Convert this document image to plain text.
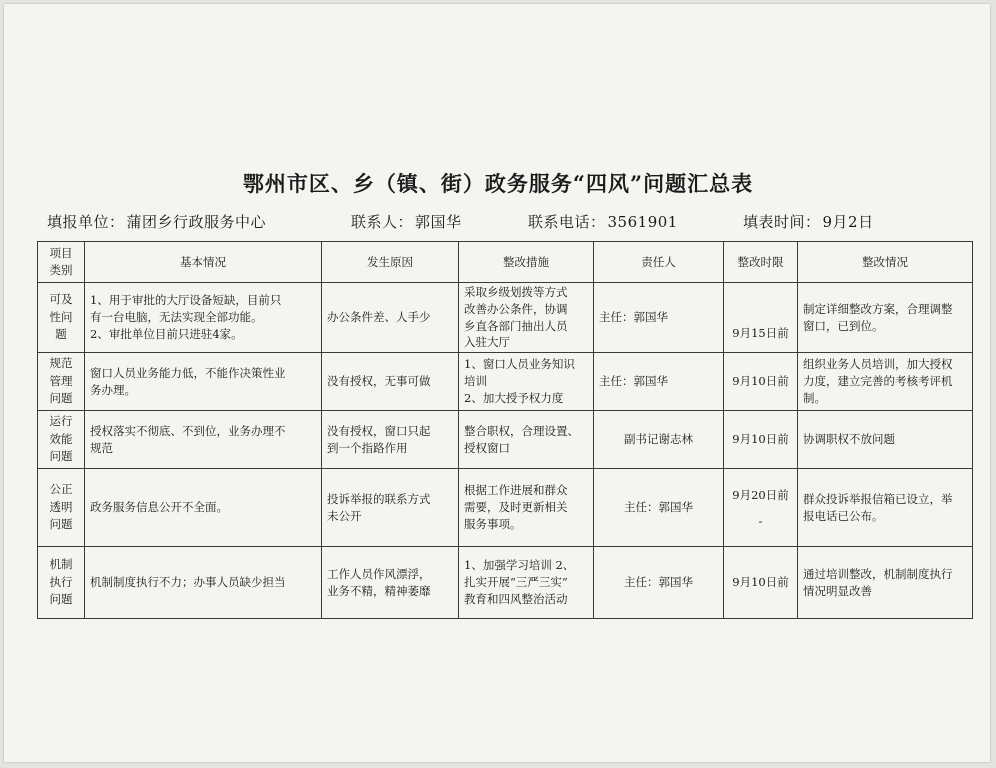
鄂州市区、乡（镇、街）政务服务“四风”问题汇总表
填报单位： 蒲团乡行政服务中心	联系人： 郭国华	联系电话： 3561901	填表时间： 9月2日
项目
类别	基本情况	发生原因	整改措施	责任人	整改时限	整改情况

可及
性问
题	1、用于审批的大厅设备短缺，目前只
有一台电脑，无法实现全部功能。
2、审批单位目前只进驻4家。	办公条件差、人手少	采取乡级划拨等方式
改善办公条件，协调
乡直各部门抽出人员
入驻大厅	主任：郭国华	9月15日前	制定详细整改方案，合理调整
窗口，已到位。

规范
管理
问题	窗口人员业务能力低，不能作决策性业
务办理。	没有授权，无事可做	1、窗口人员业务知识
培训
2、加大授予权力度	主任：郭国华	9月10日前	组织业务人员培训，加大授权
力度，建立完善的考核考评机
制。

运行
效能
问题	授权落实不彻底、不到位，业务办理不
规范	没有授权，窗口只起
到一个指路作用	整合职权，合理设置、
授权窗口	副书记谢志林	9月10日前	协调职权不放问题

公正
透明
问题	政务服务信息公开不全面。	投诉举报的联系方式
未公开	根据工作进展和群众
需要，及时更新相关
服务事项。	主任：郭国华	9月20日前
-	群众投诉举报信箱已设立，举
报电话已公布。

机制
执行
问题	机制制度执行不力；办事人员缺少担当	工作人员作风漂浮，
业务不精，精神萎靡	1、加强学习培训 2、
扎实开展“三严三实”
教育和四风整治活动	主任：郭国华	9月10日前	通过培训整改，机制制度执行
情况明显改善
